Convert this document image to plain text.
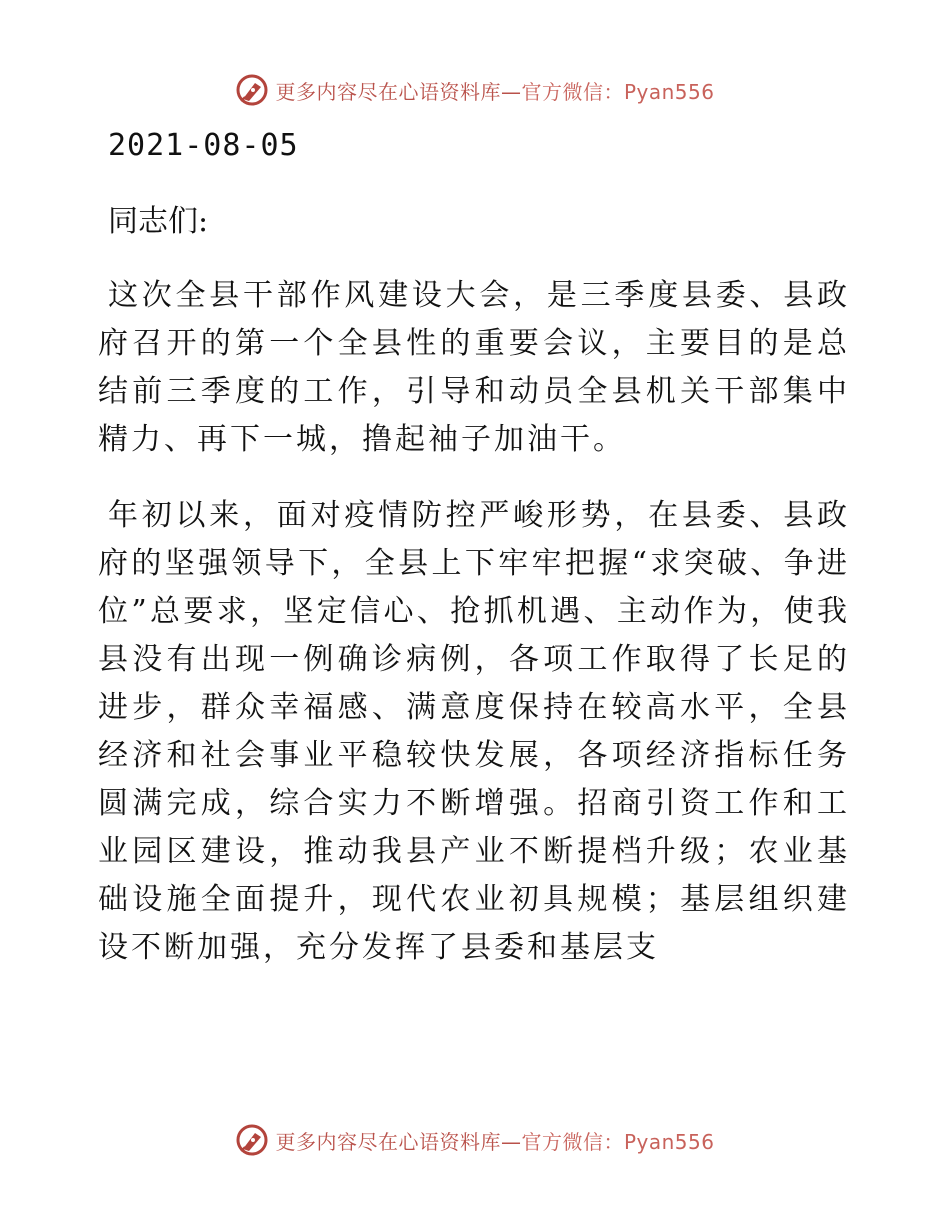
更多内容尽在心语资料库—官方微信：Pyan556
2021-08-05
同志们:

这次全县干部作风建设大会，是三季度县委、县政府召开的第一个全县性的重要会议，主要目的是总结前三季度的工作，引导和动员全县机关干部集中精力、再下一城，撸起袖子加油干。

年初以来，面对疫情防控严峻形势，在县委、县政府的坚强领导下，全县上下牢牢把握“求突破、争进位”总要求，坚定信心、抢抓机遇、主动作为，使我县没有出现一例确诊病例，各项工作取得了长足的进步，群众幸福感、满意度保持在较高水平，全县经济和社会事业平稳较快发展，各项经济指标任务圆满完成，综合实力不断增强。招商引资工作和工业园区建设，推动我县产业不断提档升级；农业基础设施全面提升，现代农业初具规模；基层组织建设不断加强，充分发挥了县委和基层支

更多内容尽在心语资料库—官方微信：Pyan556
